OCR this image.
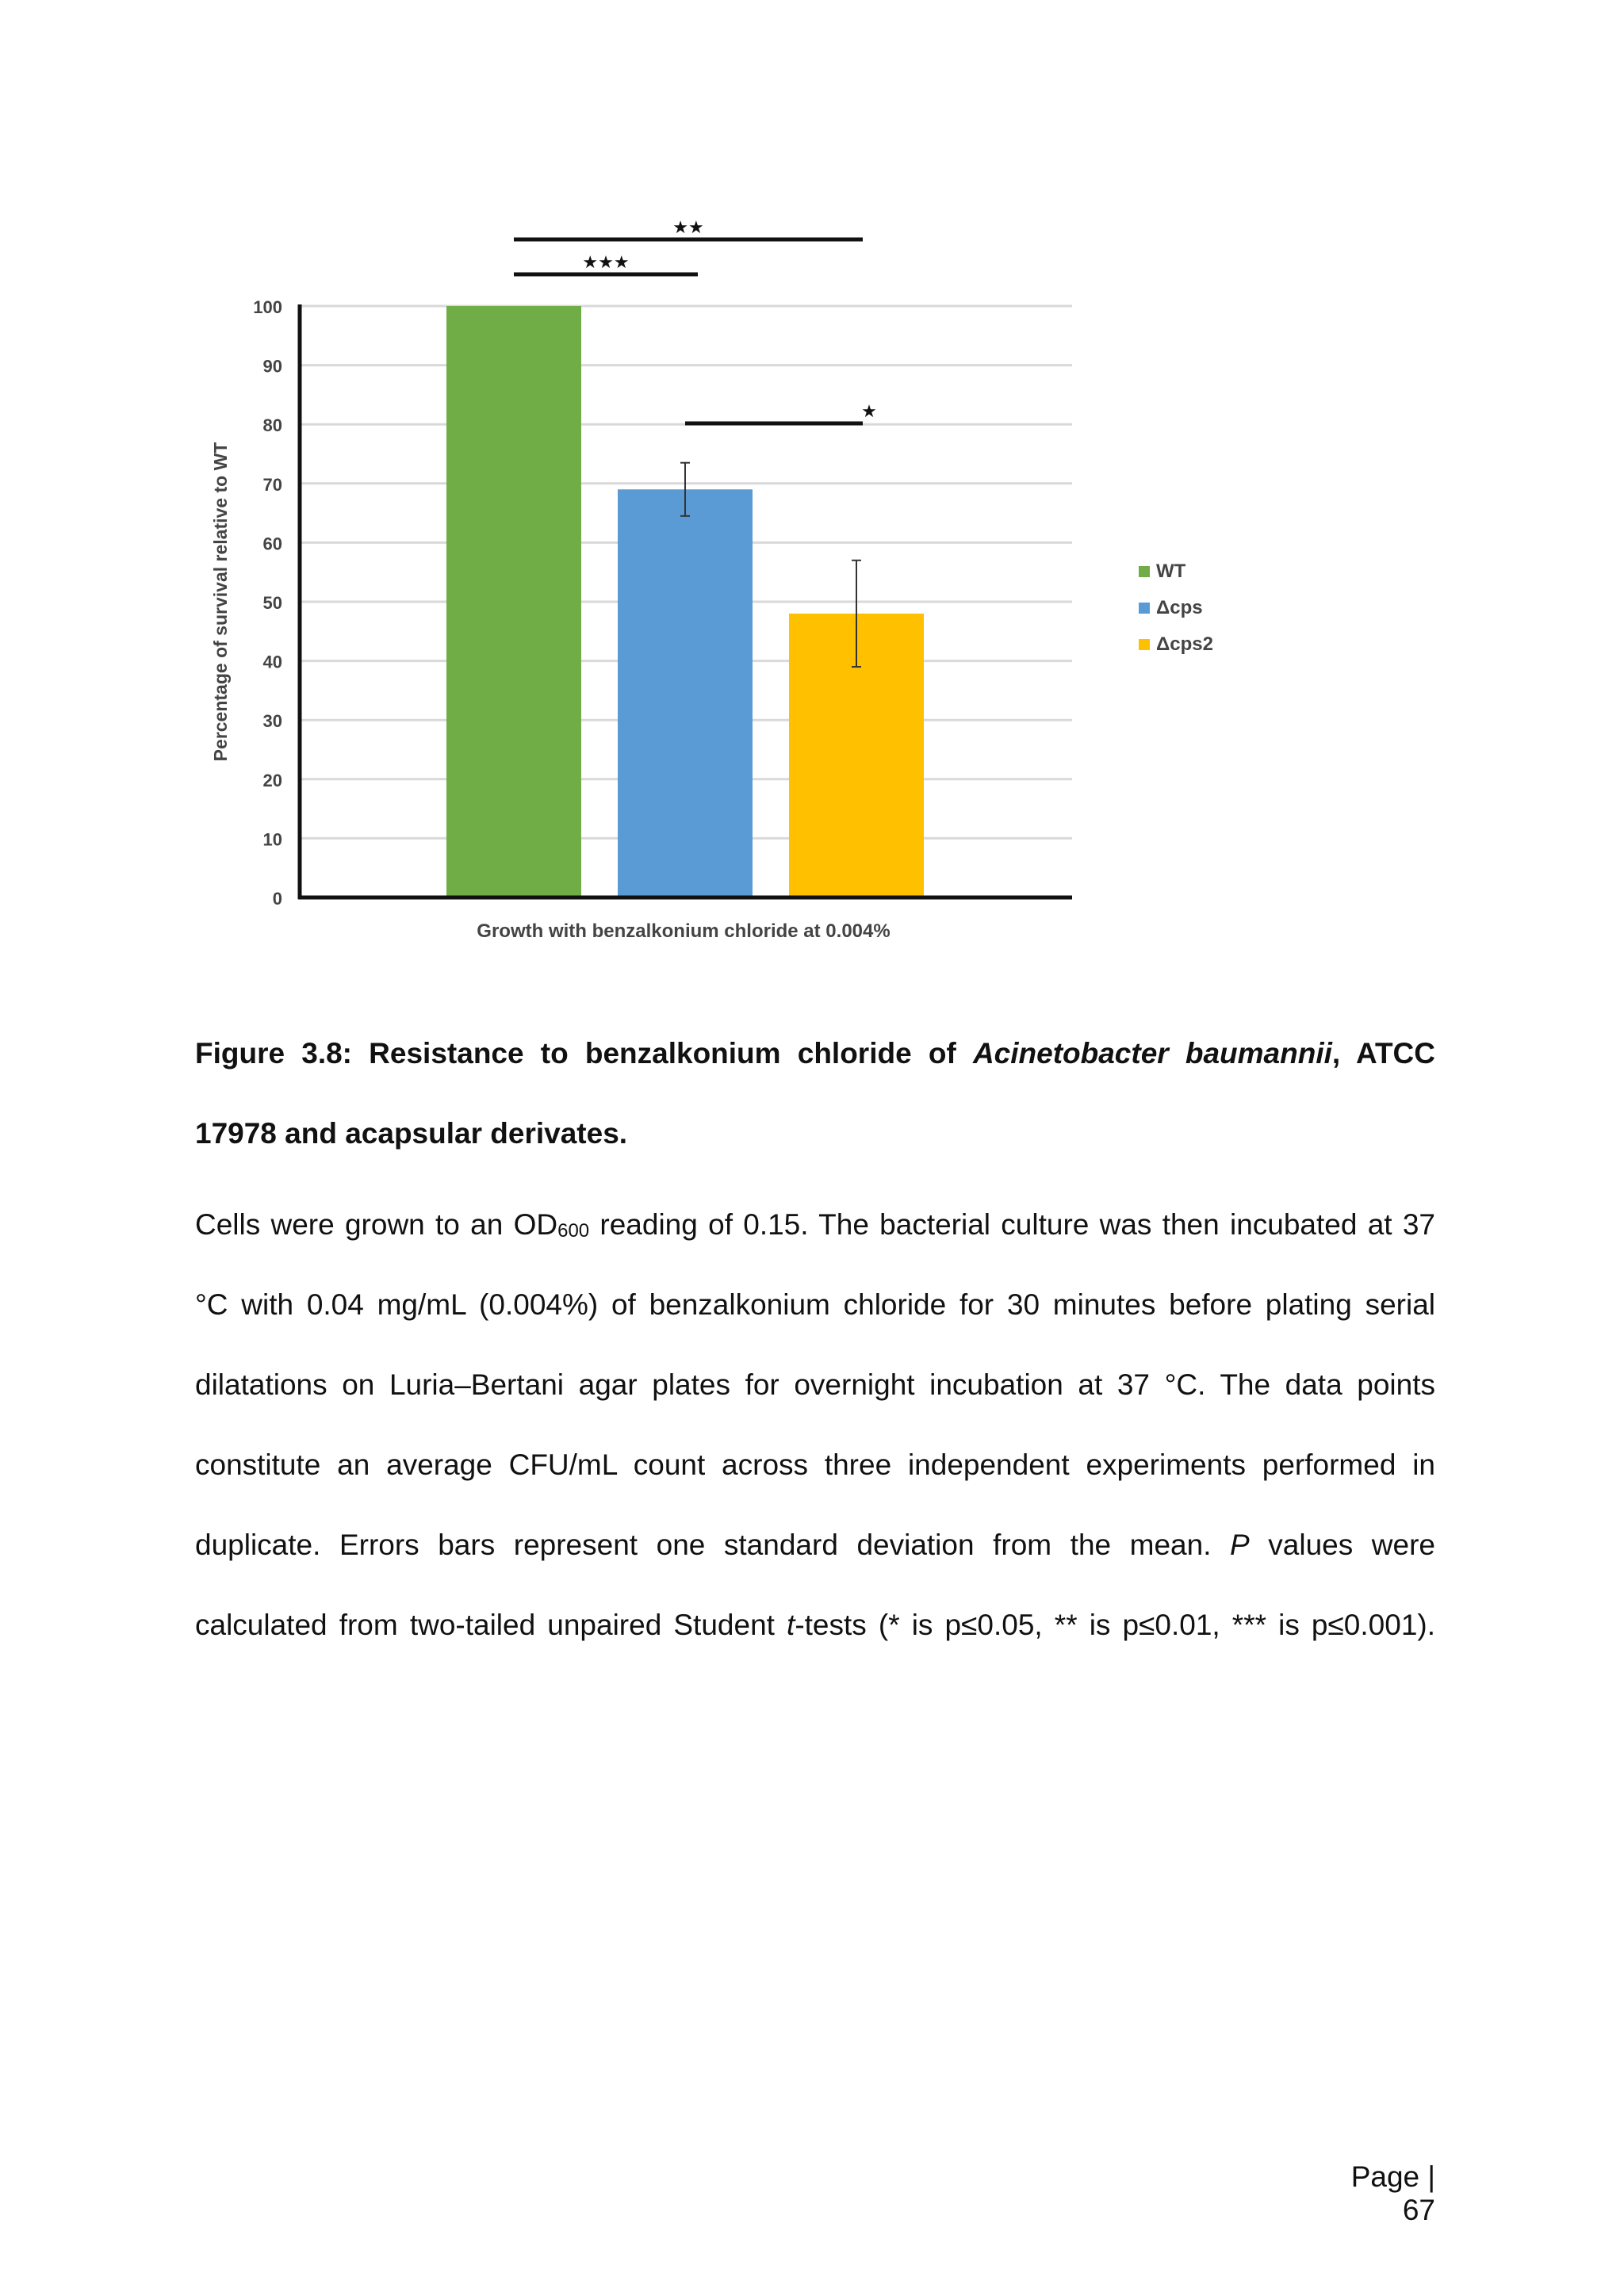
0
10
20
30
40
50
60
70
80
90
100
Percentage of survival relative to WT
Growth with benzalkonium chloride at 0.004%
★★
★★★
★
WT
Δcps
Δcps2

Figure 3.8: Resistance to benzalkonium chloride of Acinetobacter baumannii, ATCC 17978 and acapsular derivates.

Cells were grown to an $OD_{600}$ reading of 0.15. The bacterial culture was then incubated at 37 °C with 0.04 mg/mL (0.004%) of benzalkonium chloride for 30 minutes before plating serial dilatations on Luria–Bertani agar plates for overnight incubation at 37 °C. The data points constitute an average CFU/mL count across three independent experiments performed in duplicate. Errors bars represent one standard deviation from the mean. P values were calculated from two-tailed unpaired Student t-tests (* is p≤0.05, ** is p≤0.01, *** is p≤0.001).

Page | 67
